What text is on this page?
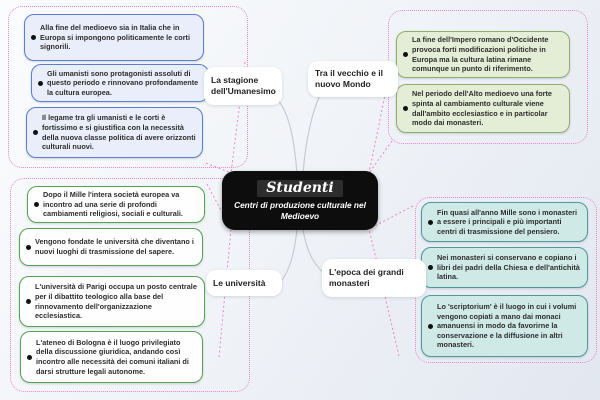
Alla fine del medioevo sia in Italia che in Europa si impongono politicamente le corti signorili.
Gli umanisti sono protagonisti assoluti di questo periodo e rinnovano profondamente la cultura europea.
Il legame tra gli umanisti e le corti è fortissimo e si giustifica con la necessità della nuova classe politica di avere orizzonti culturali nuovi.
La fine dell'Impero romano d'Occidente provoca forti modificazioni politiche in Europa ma la cultura latina rimane comunque un punto di riferimento.
Nel periodo dell'Alto medioevo una forte spinta al cambiamento culturale viene dall'ambito ecclesiastico e in particolar modo dai monasteri.
Dopo il Mille l'intera società europea va incontro ad una serie di profondi cambiamenti religiosi, sociali e culturali.
Vengono fondate le università che diventano i nuovi luoghi di trasmissione del sapere.
L'università di Parigi occupa un posto centrale per il dibattito teologico alla base del rinnovamento dell'organizzazione ecclesiastica.
L'ateneo di Bologna è il luogo privilegiato della discussione giuridica, andando così incontro alle necessità dei comuni italiani di darsi strutture legali autonome.
Fin quasi all'anno Mille sono i monasteri a essere i principali e più importanti centri di trasmissione del pensiero.
Nei monasteri si conservano e copiano i libri dei padri della Chiesa e dell'antichità latina.
Lo 'scriptorium' è il luogo in cui i volumi vengono copiati a mano dai monaci amanuensi in modo da favorirne la conservazione e la diffusione in altri monasteri.
La stagione dell'Umanesimo
Tra il vecchio e il nuovo Mondo
Le università
L'epoca dei grandi monasteri
Studenti
Centri di produzione culturale nel Medioevo
